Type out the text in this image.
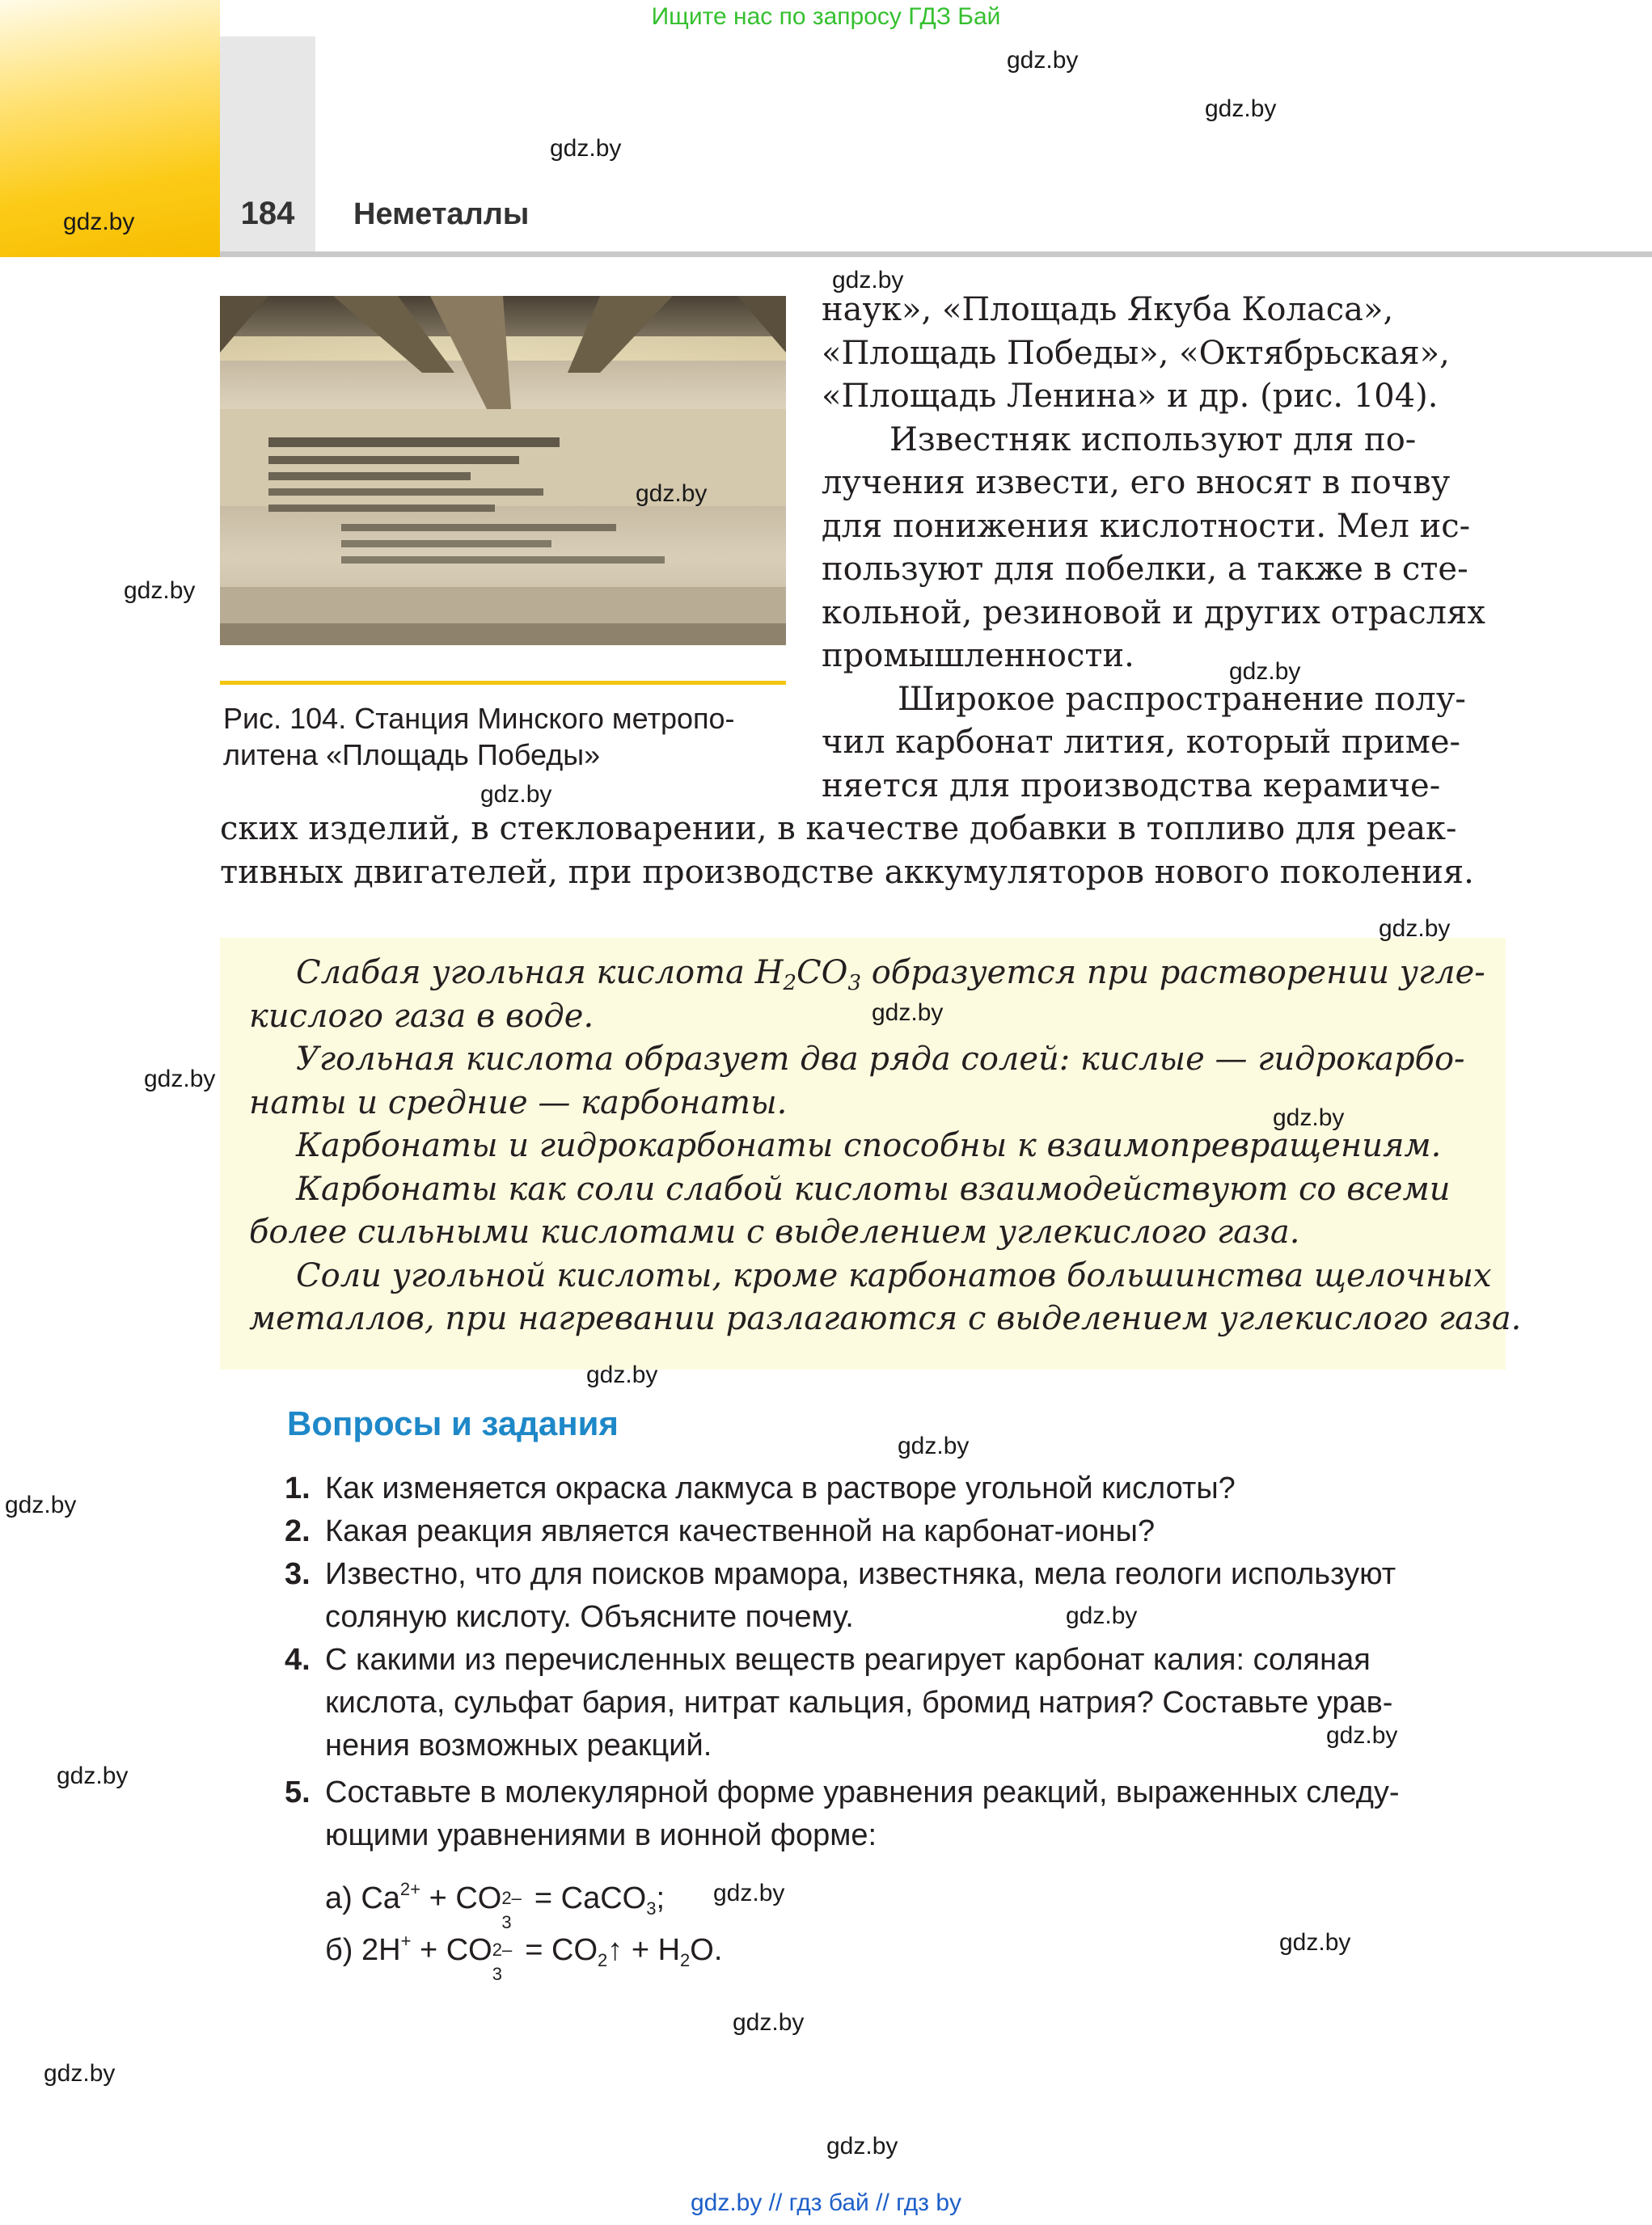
Ищите нас по запросу ГДЗ Бай
184	Неметаллы
Рис. 104. Станция Минского метропо-
литена «Площадь Победы»
наук», «Площадь Якуба Коласа»,
«Площадь Победы», «Октябрьская»,
«Площадь Ленина» и др. (рис. 104).
Известняк используют для по-
лучения извести, его вносят в почву
для понижения кислотности. Мел ис-
пользуют для побелки, а также в сте-
кольной, резиновой и других отраслях
промышленности.
Широкое распространение полу-
чил карбонат лития, который приме-
няется для производства керамиче-
ских изделий, в стекловарении, в качестве добавки в топливо для реак-
тивных двигателей, при производстве аккумуляторов нового поколения.
Слабая угольная кислота $H_2CO_3$ образуется при растворении угле-
кислого газа в воде.
Угольная кислота образует два ряда солей: кислые — гидрокарбо-
наты и средние — карбонаты.
Карбонаты и гидрокарбонаты способны к взаимопревращениям.
Карбонаты как соли слабой кислоты взаимодействуют со всеми
более сильными кислотами с выделением углекислого газа.
Соли угольной кислоты, кроме карбонатов большинства щелочных
металлов, при нагревании разлагаются с выделением углекислого газа.
Вопросы и задания
1. Как изменяется окраска лакмуса в растворе угольной кислоты?
2. Какая реакция является качественной на карбонат-ионы?
3. Известно, что для поисков мрамора, известняка, мела геологи используют
соляную кислоту. Объясните почему.
4. С какими из перечисленных веществ реагирует карбонат калия: соляная
кислота, сульфат бария, нитрат кальция, бромид натрия? Составьте урав-
нения возможных реакций.
5. Составьте в молекулярной форме уравнения реакций, выраженных следу-
ющими уравнениями в ионной форме:
а) $Ca^{2+}$ + CO 2–
3
= CaCO$_3$;
б) 2H+ + CO 2–
3
= $CO_2↑ + H_2O$.
gdz.by
gdz.by
gdz.by
gdz.by
gdz.by
gdz.by
gdz.by
gdz.by
gdz.by
gdz.by
gdz.by
gdz.by
gdz.by
gdz.by
gdz.by
gdz.by
gdz.by
gdz.by
gdz.by
gdz.by
gdz.by
gdz.by
gdz.by
gdz.by
gdz.by // гдз бай // гдз by
